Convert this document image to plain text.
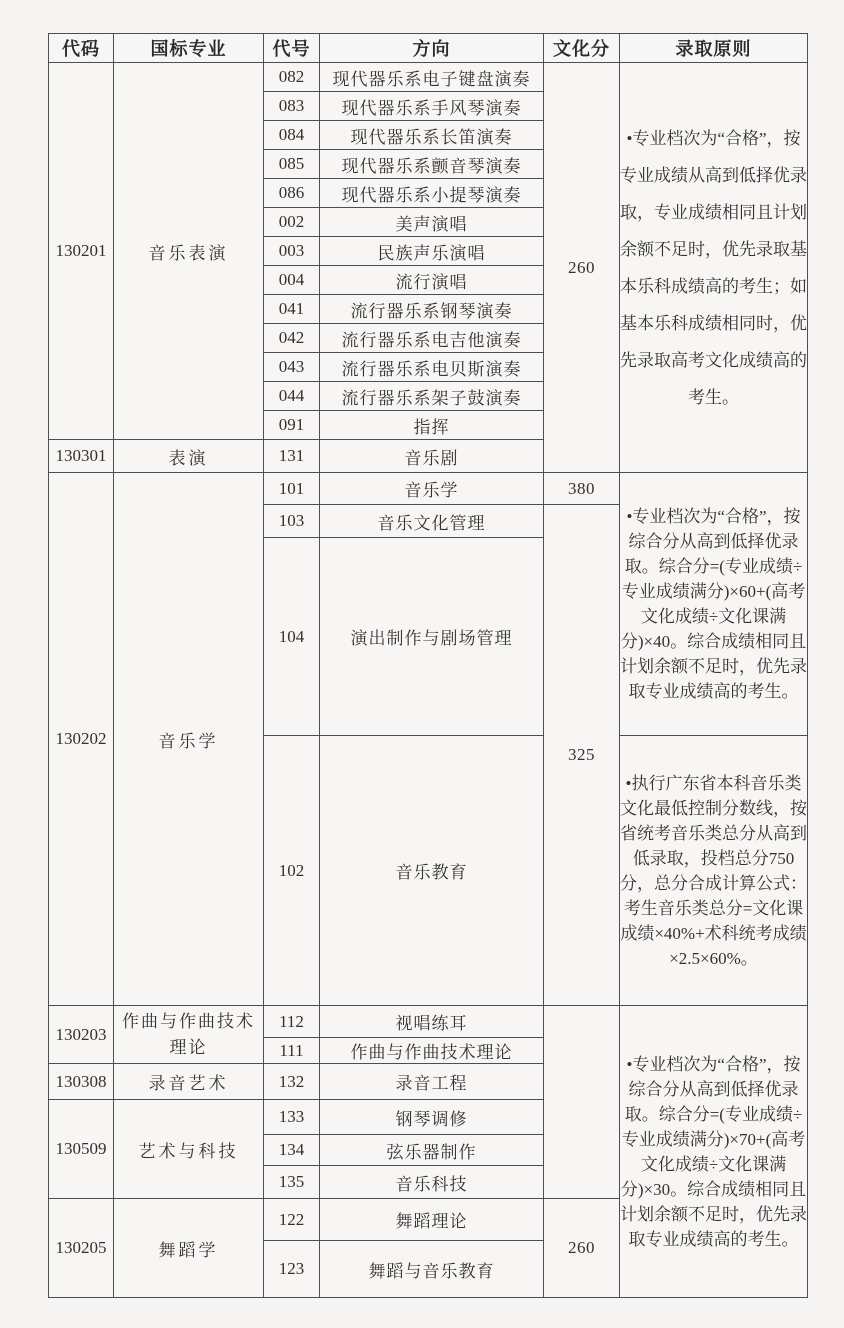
代码	国标专业	代号	方向	文化分	录取原则
130201	音乐表演	082	现代器乐系电子键盘演奏	260	•专业档次为“合格”，按专业成绩从高到低择优录取，专业成绩相同且计划余额不足时，优先录取基本乐科成绩高的考生；如基本乐科成绩相同时，优先录取高考文化成绩高的考生。
		083	现代器乐系手风琴演奏		
		084	现代器乐系长笛演奏		
		085	现代器乐系颤音琴演奏		
		086	现代器乐系小提琴演奏		
		002	美声演唱		
		003	民族声乐演唱		
		004	流行演唱		
		041	流行器乐系钢琴演奏		
		042	流行器乐系电吉他演奏		
		043	流行器乐系电贝斯演奏		
		044	流行器乐系架子鼓演奏		
		091	指挥		
130301	表演	131	音乐剧		
130202	音乐学	101	音乐学	380	•专业档次为“合格”，按综合分从高到低择优录取。综合分=(专业成绩÷专业成绩满分)×60+(高考文化成绩÷文化课满分)×40。综合成绩相同且计划余额不足时，优先录取专业成绩高的考生。
		103	音乐文化管理	325	
		104	演出制作与剧场管理		
		102	音乐教育		•执行广东省本科音乐类文化最低控制分数线，按省统考音乐类总分从高到低录取，投档总分750分，总分合成计算公式：考生音乐类总分=文化课成绩×40%+术科统考成绩×2.5×60%。
130203	作曲与作曲技术理论	112	视唱练耳		•专业档次为“合格”，按综合分从高到低择优录取。综合分=(专业成绩÷专业成绩满分)×70+(高考文化成绩÷文化课满分)×30。综合成绩相同且计划余额不足时，优先录取专业成绩高的考生。
		111	作曲与作曲技术理论		
130308	录音艺术	132	录音工程		
130509	艺术与科技	133	钢琴调修		
		134	弦乐器制作		
		135	音乐科技		
130205	舞蹈学	122	舞蹈理论	260	
		123	舞蹈与音乐教育		
